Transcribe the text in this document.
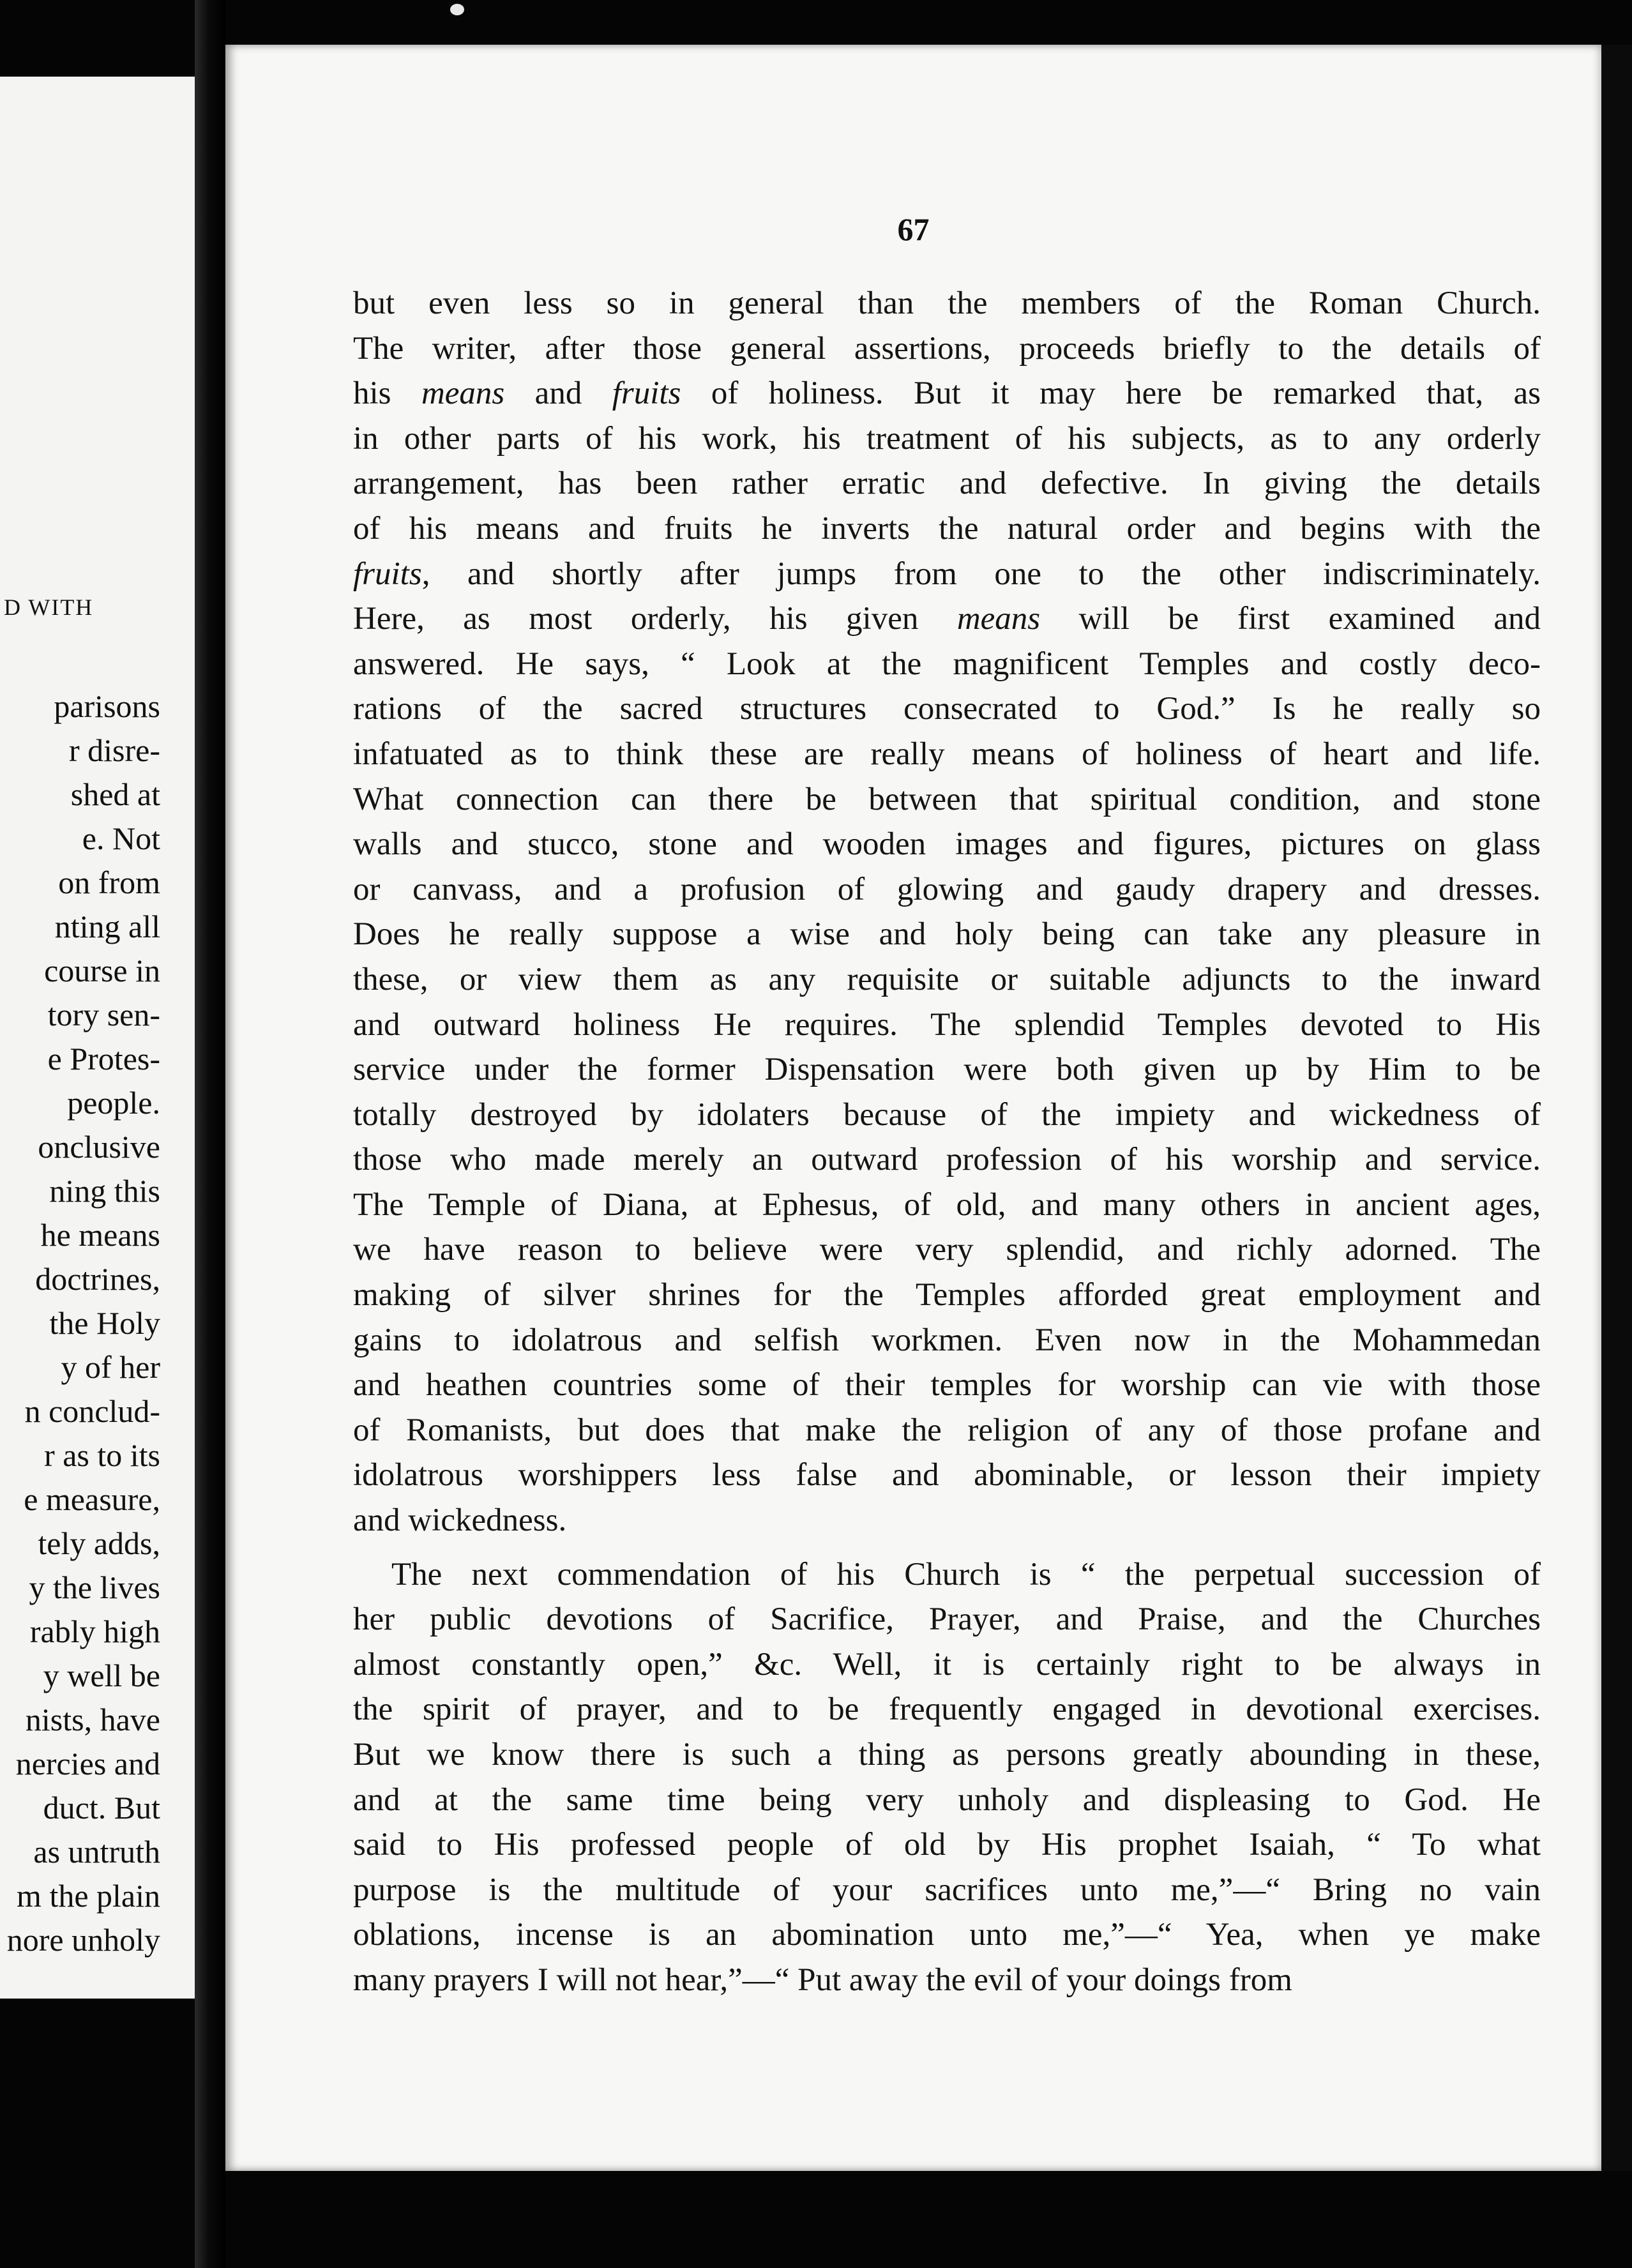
D WITH
parisons
r disre-
shed at
e. Not
on from
nting all
course in
tory sen-
e Protes-
people.
onclusive
ning this
he means
doctrines,
the Holy
y of her
n conclud-
r as to its
e measure,
tely adds,
y the lives
rably high
y well be
nists, have
nercies and
duct. But
as untruth
m the plain
nore unholy
67
but even less so in general than the members of the Roman Church.
The writer, after those general assertions, proceeds briefly to the details of
his means and fruits of holiness. But it may here be remarked that, as
in other parts of his work, his treatment of his subjects, as to any orderly
arrangement, has been rather erratic and defective. In giving the details
of his means and fruits he inverts the natural order and begins with the
fruits, and shortly after jumps from one to the other indiscriminately.
Here, as most orderly, his given means will be first examined and
answered. He says, “ Look at the magnificent Temples and costly deco-
rations of the sacred structures consecrated to God.” Is he really so
infatuated as to think these are really means of holiness of heart and life.
What connection can there be between that spiritual condition, and stone
walls and stucco, stone and wooden images and figures, pictures on glass
or canvass, and a profusion of glowing and gaudy drapery and dresses.
Does he really suppose a wise and holy being can take any pleasure in
these, or view them as any requisite or suitable adjuncts to the inward
and outward holiness He requires. The splendid Temples devoted to His
service under the former Dispensation were both given up by Him to be
totally destroyed by idolaters because of the impiety and wickedness of
those who made merely an outward profession of his worship and service.
The Temple of Diana, at Ephesus, of old, and many others in ancient ages,
we have reason to believe were very splendid, and richly adorned. The
making of silver shrines for the Temples afforded great employment and
gains to idolatrous and selfish workmen. Even now in the Mohammedan
and heathen countries some of their temples for worship can vie with those
of Romanists, but does that make the religion of any of those profane and
idolatrous worshippers less false and abominable, or lesson their impiety
and wickedness.
The next commendation of his Church is “ the perpetual succession of
her public devotions of Sacrifice, Prayer, and Praise, and the Churches
almost constantly open,” &c. Well, it is certainly right to be always in
the spirit of prayer, and to be frequently engaged in devotional exercises.
But we know there is such a thing as persons greatly abounding in these,
and at the same time being very unholy and displeasing to God. He
said to His professed people of old by His prophet Isaiah, “ To what
purpose is the multitude of your sacrifices unto me,”—“ Bring no vain
oblations, incense is an abomination unto me,”—“ Yea, when ye make
many prayers I will not hear,”—“ Put away the evil of your doings from
